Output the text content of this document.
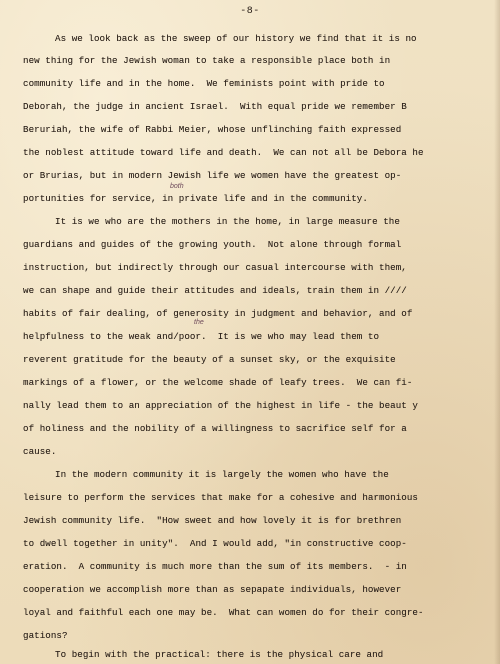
-8-
As we look back as the sweep of our history we find that it is no
new thing for the Jewish woman to take a responsible place both in
community life and in the home.  We feminists point with pride to
Deborah, the judge in ancient Israel.  With equal pride we remember B
Beruriah, the wife of Rabbi Meier, whose unflinching faith expressed
the noblest attitude toward life and death.  We can not all be Debora he
or Brurias, but in modern Jewish life we women have the greatest op-
portunities for service, in private life and in the community.
It is we who are the mothers in the home, in large measure the
guardians and guides of the growing youth.  Not alone through formal
instruction, but indirectly through our casual intercourse with them,
we can shape and guide their attitudes and ideals, train them in ////
habits of fair dealing, of generosity in judgment and behavior, and of
helpfulness to the weak and/poor.  It is we who may lead them to
reverent gratitude for the beauty of a sunset sky, or the exquisite
markings of a flower, or the welcome shade of leafy trees.  We can fi-
nally lead them to an appreciation of the highest in life - the beaut y
of holiness and the nobility of a willingness to sacrifice self for a
cause.
In the modern community it is largely the women who have the
leisure to perform the services that make for a cohesive and harmonious
Jewish community life.  "How sweet and how lovely it is for brethren
to dwell together in unity".  And I would add, "in constructive coop-
eration.  A community is much more than the sum of its members.  - in
cooperation we accomplish more than as sepapate individuals, however
loyal and faithful each one may be.  What can women do for their congre-
gations?
To begin with the practical: there is the physical care and
both
the
